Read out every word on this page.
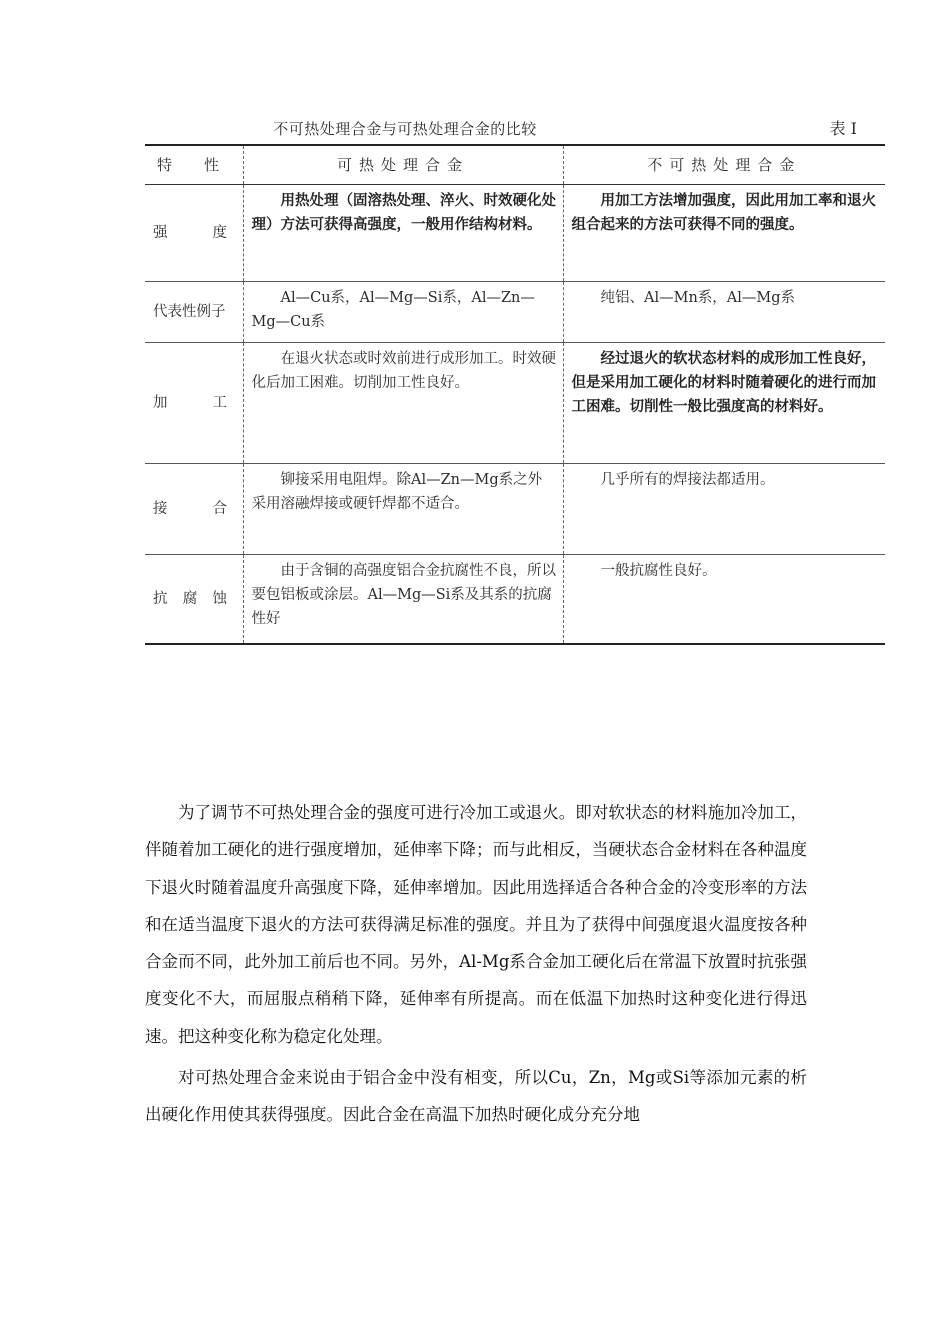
不可热处理合金与可热处理合金的比较	表 I
特 性	可热处理合金	不可热处理合金

强 度	用热处理（固溶热处理、淬火、时效硬化处理）方法可获得高强度，一般用作结构材料。	用加工方法增加强度，因此用加工率和退火组合起来的方法可获得不同的强度。
代表性例子	Al—Cu系，Al—Mg—Si系，Al—Zn—Mg—Cu系	纯铝、Al—Mn系，Al—Mg系

加 工	在退火状态或时效前进行成形加工。时效硬化后加工困难。切削加工性良好。	经过退火的软状态材料的成形加工性良好，但是采用加工硬化的材料时随着硬化的进行而加工困难。切削性一般比强度高的材料好。

接 合	铆接采用电阻焊。除Al—Zn—Mg系之外采用溶融焊接或硬钎焊都不适合。	几乎所有的焊接法都适用。

抗 腐 蚀	由于含铜的高强度铝合金抗腐性不良，所以要包铝板或涂层。Al—Mg—Si系及其系的抗腐性好	一般抗腐性良好。

为了调节不可热处理合金的强度可进行冷加工或退火。即对软状态的材料施加冷加工，伴随着加工硬化的进行强度增加，延伸率下降；而与此相反，当硬状态合金材料在各种温度下退火时随着温度升高强度下降，延伸率增加。因此用选择适合各种合金的冷变形率的方法和在适当温度下退火的方法可获得满足标准的强度。并且为了获得中间强度退火温度按各种合金而不同，此外加工前后也不同。另外，Al-Mg系合金加工硬化后在常温下放置时抗张强度变化不大，而屈服点稍稍下降，延伸率有所提高。而在低温下加热时这种变化进行得迅速。把这种变化称为稳定化处理。

对可热处理合金来说由于铝合金中没有相变，所以Cu，Zn，Mg或Si等添加元素的析出硬化作用使其获得强度。因此合金在高温下加热时硬化成分充分地
